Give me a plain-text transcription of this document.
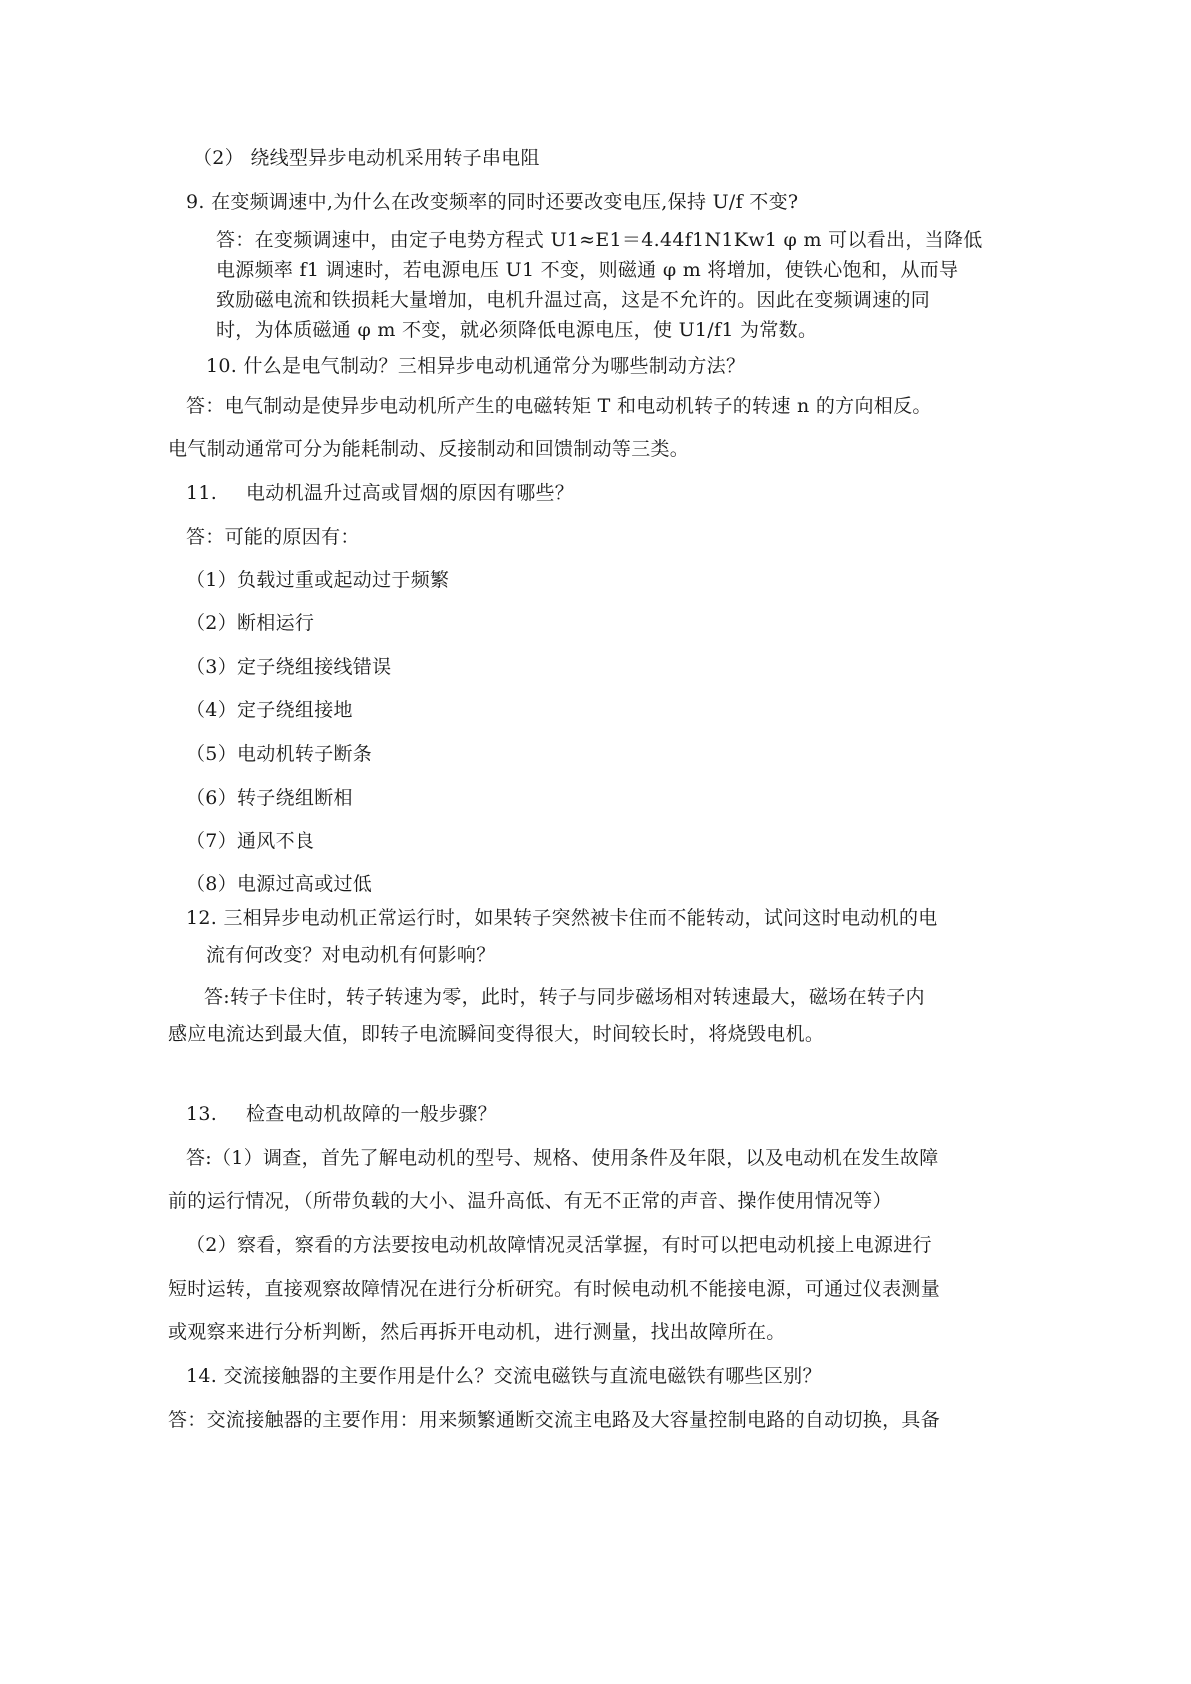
（2） 绕线型异步电动机采用转子串电阻
9. 在变频调速中,为什么在改变频率的同时还要改变电压,保持 U/f 不变?
答：在变频调速中，由定子电势方程式 U1≈E1＝4.44f1N1Kw1 φ m 可以看出，当降低
电源频率 f1 调速时，若电源电压 U1 不变，则磁通 φ m 将增加，使铁心饱和，从而导
致励磁电流和铁损耗大量增加，电机升温过高，这是不允许的。因此在变频调速的同
时，为体质磁通 φ m 不变，就必须降低电源电压，使 U1/f1 为常数。
10. 什么是电气制动？三相异步电动机通常分为哪些制动方法？
答：电气制动是使异步电动机所产生的电磁转矩 T 和电动机转子的转速 n 的方向相反。
电气制动通常可分为能耗制动、反接制动和回馈制动等三类。
11. 电动机温升过高或冒烟的原因有哪些？
答：可能的原因有：
（1）负载过重或起动过于频繁
（2）断相运行
（3）定子绕组接线错误
（4）定子绕组接地
（5）电动机转子断条
（6）转子绕组断相
（7）通风不良
（8）电源过高或过低
12. 三相异步电动机正常运行时，如果转子突然被卡住而不能转动，试问这时电动机的电
流有何改变？对电动机有何影响？
答:转子卡住时，转子转速为零，此时，转子与同步磁场相对转速最大，磁场在转子内
感应电流达到最大值，即转子电流瞬间变得很大，时间较长时，将烧毁电机。
13. 检查电动机故障的一般步骤？
答:（1）调查，首先了解电动机的型号、规格、使用条件及年限，以及电动机在发生故障
前的运行情况，（所带负载的大小、温升高低、有无不正常的声音、操作使用情况等）
（2）察看，察看的方法要按电动机故障情况灵活掌握，有时可以把电动机接上电源进行
短时运转，直接观察故障情况在进行分析研究。有时候电动机不能接电源，可通过仪表测量
或观察来进行分析判断，然后再拆开电动机，进行测量，找出故障所在。
14. 交流接触器的主要作用是什么？交流电磁铁与直流电磁铁有哪些区别？
答：交流接触器的主要作用：用来频繁通断交流主电路及大容量控制电路的自动切换，具备
